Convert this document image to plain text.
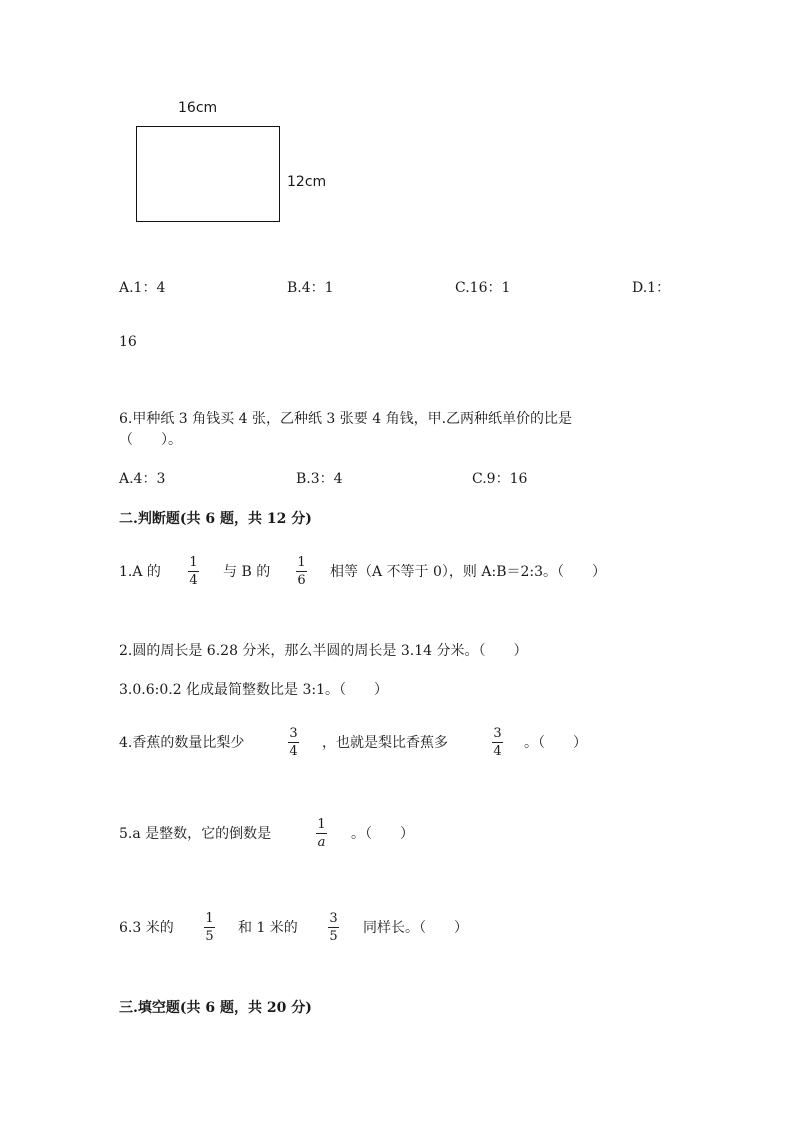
16cm
12cm
A.1：4	B.4：1	C.16：1	D.1：
16
6.甲种纸 3 角钱买 4 张，乙种纸 3 张要 4 角钱，甲.乙两种纸单价的比是
（　　）。
A.4：3	B.3：4	C.9：16
二.判断题(共 6 题，共 12 分)
1.A 的
1
4
与 B 的
1
6
相等（A 不等于 0），则 A:B＝2:3。（　　）
2.圆的周长是 6.28 分米，那么半圆的周长是 3.14 分米。（　　）
3.0.6:0.2 化成最简整数比是 3:1。（　　）
4.香蕉的数量比梨少
3
4
，也就是梨比香蕉多
3
4
。（　　）
5.a 是整数，它的倒数是
1
a
。（　　）
6.3 米的
1
5
和 1 米的
3
5
同样长。（　　）
三.填空题(共 6 题，共 20 分)
